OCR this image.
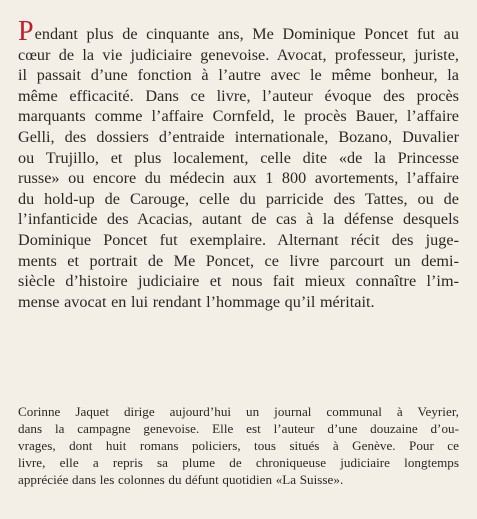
Pendant plus de cinquante ans, Me Dominique Poncet fut au
cœur de la vie judiciaire genevoise. Avocat, professeur, juriste,
il passait d’une fonction à l’autre avec le même bonheur, la
même efficacité. Dans ce livre, l’auteur évoque des procès
marquants comme l’affaire Cornfeld, le procès Bauer, l’affaire
Gelli, des dossiers d’entraide internationale, Bozano, Duvalier
ou Trujillo, et plus localement, celle dite «de la Princesse
russe» ou encore du médecin aux 1 800 avortements, l’affaire
du hold-up de Carouge, celle du parricide des Tattes, ou de
l’infanticide des Acacias, autant de cas à la défense desquels
Dominique Poncet fut exemplaire. Alternant récit des juge-
ments et portrait de Me Poncet, ce livre parcourt un demi-
siècle d’histoire judiciaire et nous fait mieux connaître l’im-
mense avocat en lui rendant l’hommage qu’il méritait.
Corinne Jaquet dirige aujourd’hui un journal communal à Veyrier,
dans la campagne genevoise. Elle est l’auteur d’une douzaine d’ou-
vrages, dont huit romans policiers, tous situés à Genève. Pour ce
livre, elle a repris sa plume de chroniqueuse judiciaire longtemps
appréciée dans les colonnes du défunt quotidien «La Suisse».
